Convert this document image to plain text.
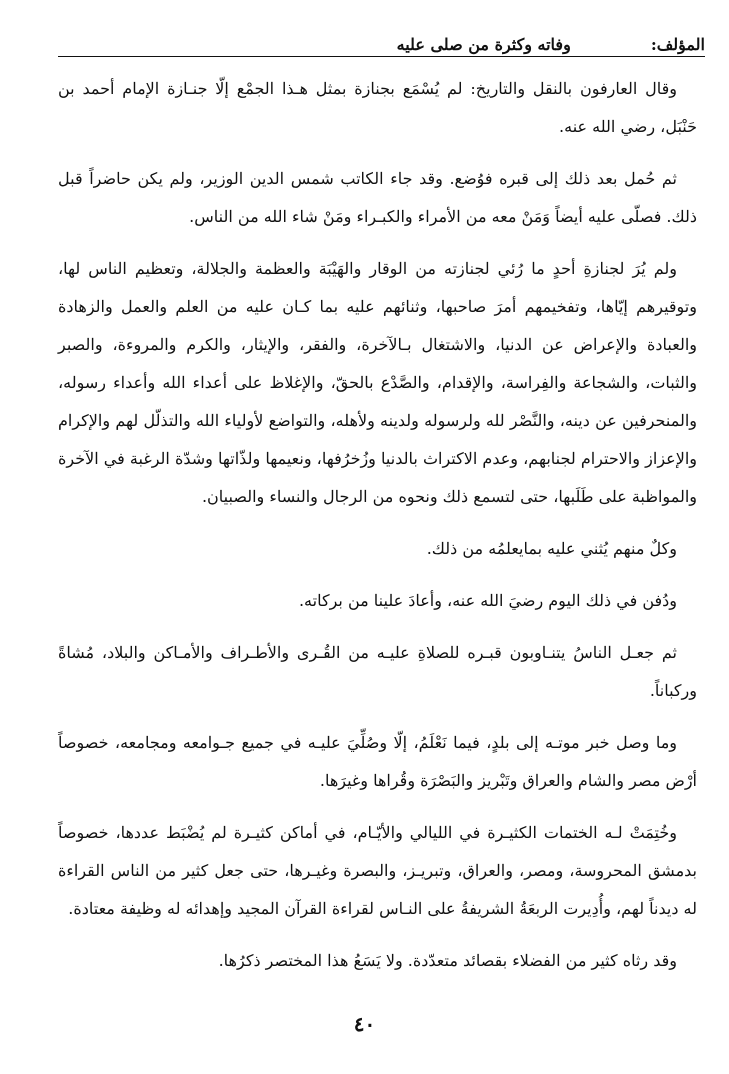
المؤلف:
وفاته وكثرة من صلى عليه

وقال العارفون بالنقل والتاريخ: لم يُسْمَع بجنازة بمثل هـذا الجمْع إلّا جنـازة الإمام أحمد بن حَنْبَل، رضي الله عنه.

ثم حُمل بعد ذلك إلى قبره فوُضع. وقد جاء الكاتب شمس الدين الوزير، ولم يكن حاضراً قبل ذلك. فصلّى عليه أيضاً وَمَنْ معه من الأمراء والكبـراء ومَنْ شاء الله من الناس.

ولم يُرَ لجنازةِ أحدٍ ما رُئي لجنازته من الوقار والهَيْبَة والعظمة والجلالة، وتعظيم الناس لها، وتوقيرهم إيّاها، وتفخيمهم أمرَ صاحبها، وثنائهم عليه بما كـان عليه من العلم والعمل والزهادة والعبادة والإعراض عن الدنيا، والاشتغال بـالآخرة، والفقر، والإيثار، والكرم والمروءة، والصبر والثبات، والشجاعة والفِراسة، والإقدام، والصَّدْع بالحقّ، والإغلاظ على أعداء الله وأعداء رسوله، والمنحرفين عن دينه، والنَّصْر لله ولرسوله ولدينه ولأهله، والتواضع لأولياء الله والتذلّل لهم والإكرام والإعزاز والاحترام لجنابهم، وعدم الاكتراث بالدنيا وزُخرُفها، ونعيمها ولذّاتها وشدّة الرغبة في الآخرة والمواظبة على طَلَبها، حتى لتسمع ذلك ونحوه من الرجال والنساء والصبيان.

وكلٌ منهم يُثني عليه بمايعلمُه من ذلك.

ودُفن في ذلك اليوم رضيَ الله عنه، وأعادَ علينا من بركاته.

ثم جعـل الناسُ يتنـاوبون قبـره للصلاةِ عليـه من القُـرى والأطـراف والأمـاكن والبلاد، مُشاةً وركباناً.

وما وصل خبر موتـه إلى بلدٍ، فيما نَعْلَمُ، إلّا وصُلِّيَ عليـه في جميع جـوامعه ومجامعه، خصوصاً أرْض مصر والشام والعراق وتَبْريز والبَصْرَة وقُراها وغيرَها.

وخُتِمَتْ لـه الختمات الكثيـرة في الليالي والأيّـام، في أماكن كثيـرة لم يُضْبَط عددها، خصوصاً بدمشق المحروسة، ومصر، والعراق، وتبريـز، والبصرة وغيـرها، حتى جعل كثير من الناس القراءة له ديدناً لهم، وأُدِيرت الربعَةُ الشريفةُ على النـاس لقراءة القرآن المجيد وإهدائه له وظيفة معتادة.

وقد رثاه كثير من الفضلاء بقصائد متعدّدة. ولا يَسَعُ هذا المختصر ذكرُها.

٤٠
